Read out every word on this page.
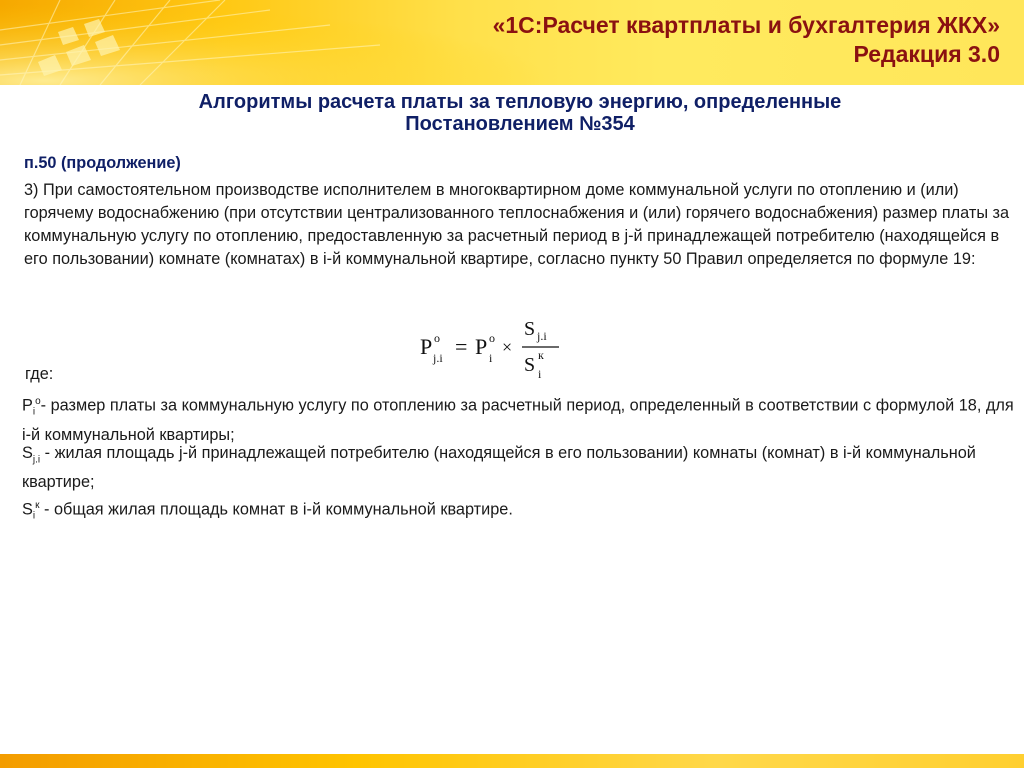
«1С:Расчет квартплаты и бухгалтерия ЖКХ»
Редакция 3.0
Алгоритмы расчета платы за тепловую энергию, определенные
Постановлением №354
п.50 (продолжение)
3) При самостоятельном производстве исполнителем в многоквартирном доме коммунальной услуги по отоплению и (или) горячему водоснабжению (при отсутствии централизованного теплоснабжения и (или) горячего водоснабжения) размер платы за коммунальную услугу по отоплению, предоставленную за расчетный период в j-й принадлежащей потребителю (находящейся в его пользовании) комнате (комнатах) в i-й коммунальной квартире, согласно пункту 50 Правил определяется по формуле 19:
P o
j.i = P o
i
×
S j.i
S к
i
где:
$P_i^o-$ размер платы за коммунальную услугу по отоплению за расчетный период, определенный в соответствии с формулой 18, для i-й коммунальной квартиры;
$S_{j.i}$ - жилая площадь j-й принадлежащей потребителю (находящейся в его пользовании) комнаты (комнат) в i-й коммунальной квартире;
$S_i^к$ - общая жилая площадь комнат в i-й коммунальной квартире.
